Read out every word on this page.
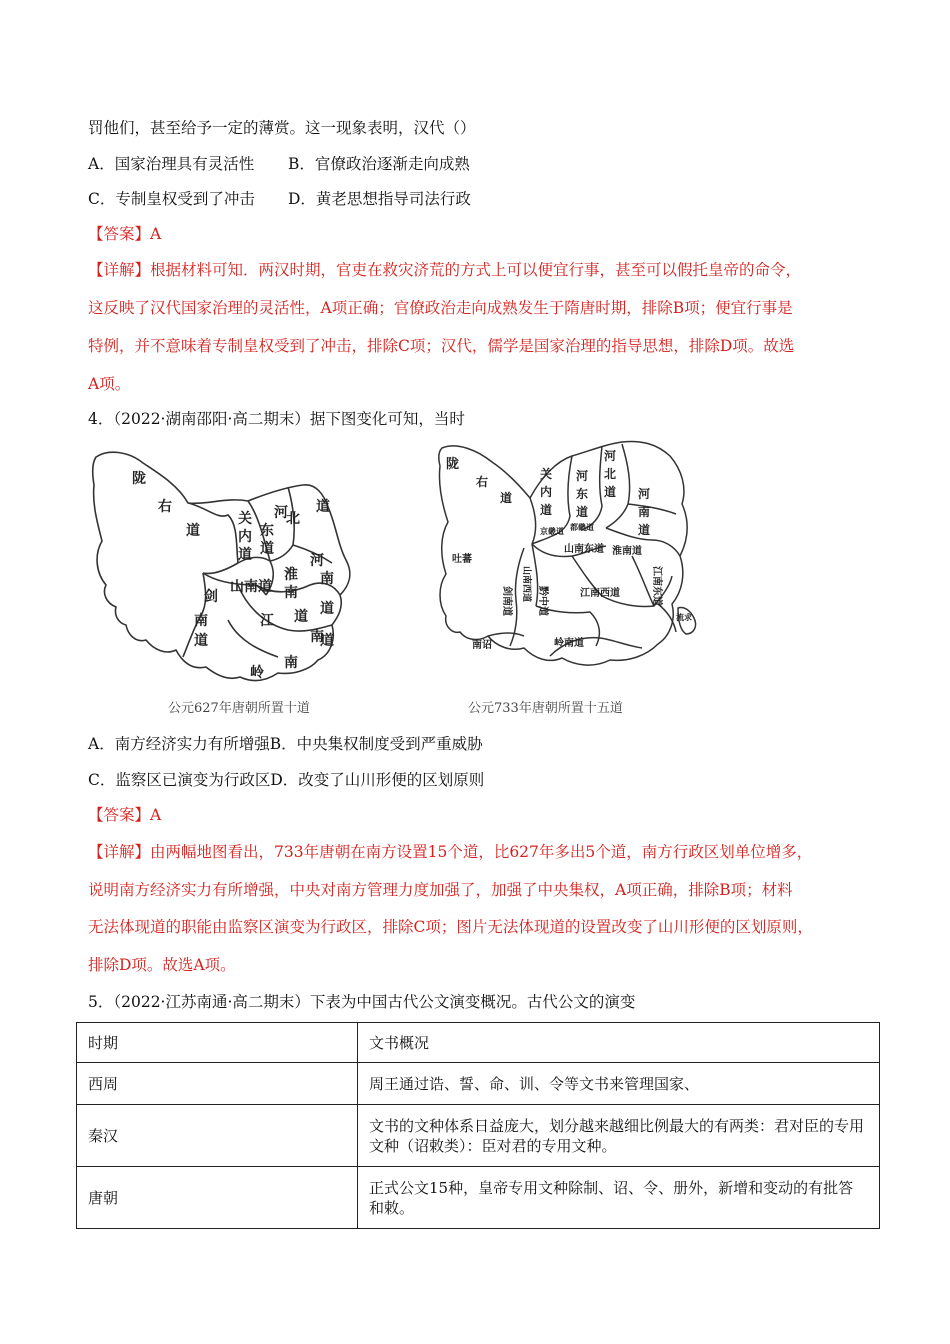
罚他们，甚至给予一定的薄赏。这一现象表明，汉代（）
A．国家治理具有灵活性 B．官僚政治逐渐走向成熟
C．专制皇权受到了冲击 D．黄老思想指导司法行政
【答案】A
【详解】根据材料可知．两汉时期，官吏在救灾济荒的方式上可以便宜行事，甚至可以假托皇帝的命令，
这反映了汉代国家治理的灵活性，A项正确；官僚政治走向成熟发生于隋唐时期，排除B项；便宜行事是
特例，并不意味着专制皇权受到了冲击，排除C项；汉代，儒学是国家治理的指导思想，排除D项。故选
A项。
4．（2022·湖南邵阳·高二期末）据下图变化可知，当时
陇
右
道
关
内
道
河
东
道
北
道
河
南
山南道
剑
南
道
淮
南
道
江
南
道
岭
南
道
公元627年唐朝所置十道
陇
右
道
关
内
道
河
东
道
河
北
道 河
南
道
京畿道 都畿道
山南东道 淮南道
山南西道
吐蕃
剑南道	黔中道	江南西道	江南东道
南诏	岭南道
流求
公元733年唐朝所置十五道
A．南方经济实力有所增强B．中央集权制度受到严重威胁
C．监察区已演变为行政区D．改变了山川形便的区划原则
【答案】A
【详解】由两幅地图看出，733年唐朝在南方设置15个道，比627年多出5个道，南方行政区划单位增多，
说明南方经济实力有所增强，中央对南方管理力度加强了，加强了中央集权，A项正确，排除B项；材料
无法体现道的职能由监察区演变为行政区，排除C项；图片无法体现道的设置改变了山川形便的区划原则，
排除D项。故选A项。
5．（2022·江苏南通·高二期末）下表为中国古代公文演变概况。古代公文的演变
时期	文书概况
西周	周王通过诰、誓、命、训、令等文书来管理国家、
秦汉	文书的文种体系日益庞大，划分越来越细比例最大的有两类：君对臣的专用文种（诏敕类）：臣对君的专用文种。
唐朝	正式公文15种，皇帝专用文种除制、诏、令、册外，新增和变动的有批答和敕。
